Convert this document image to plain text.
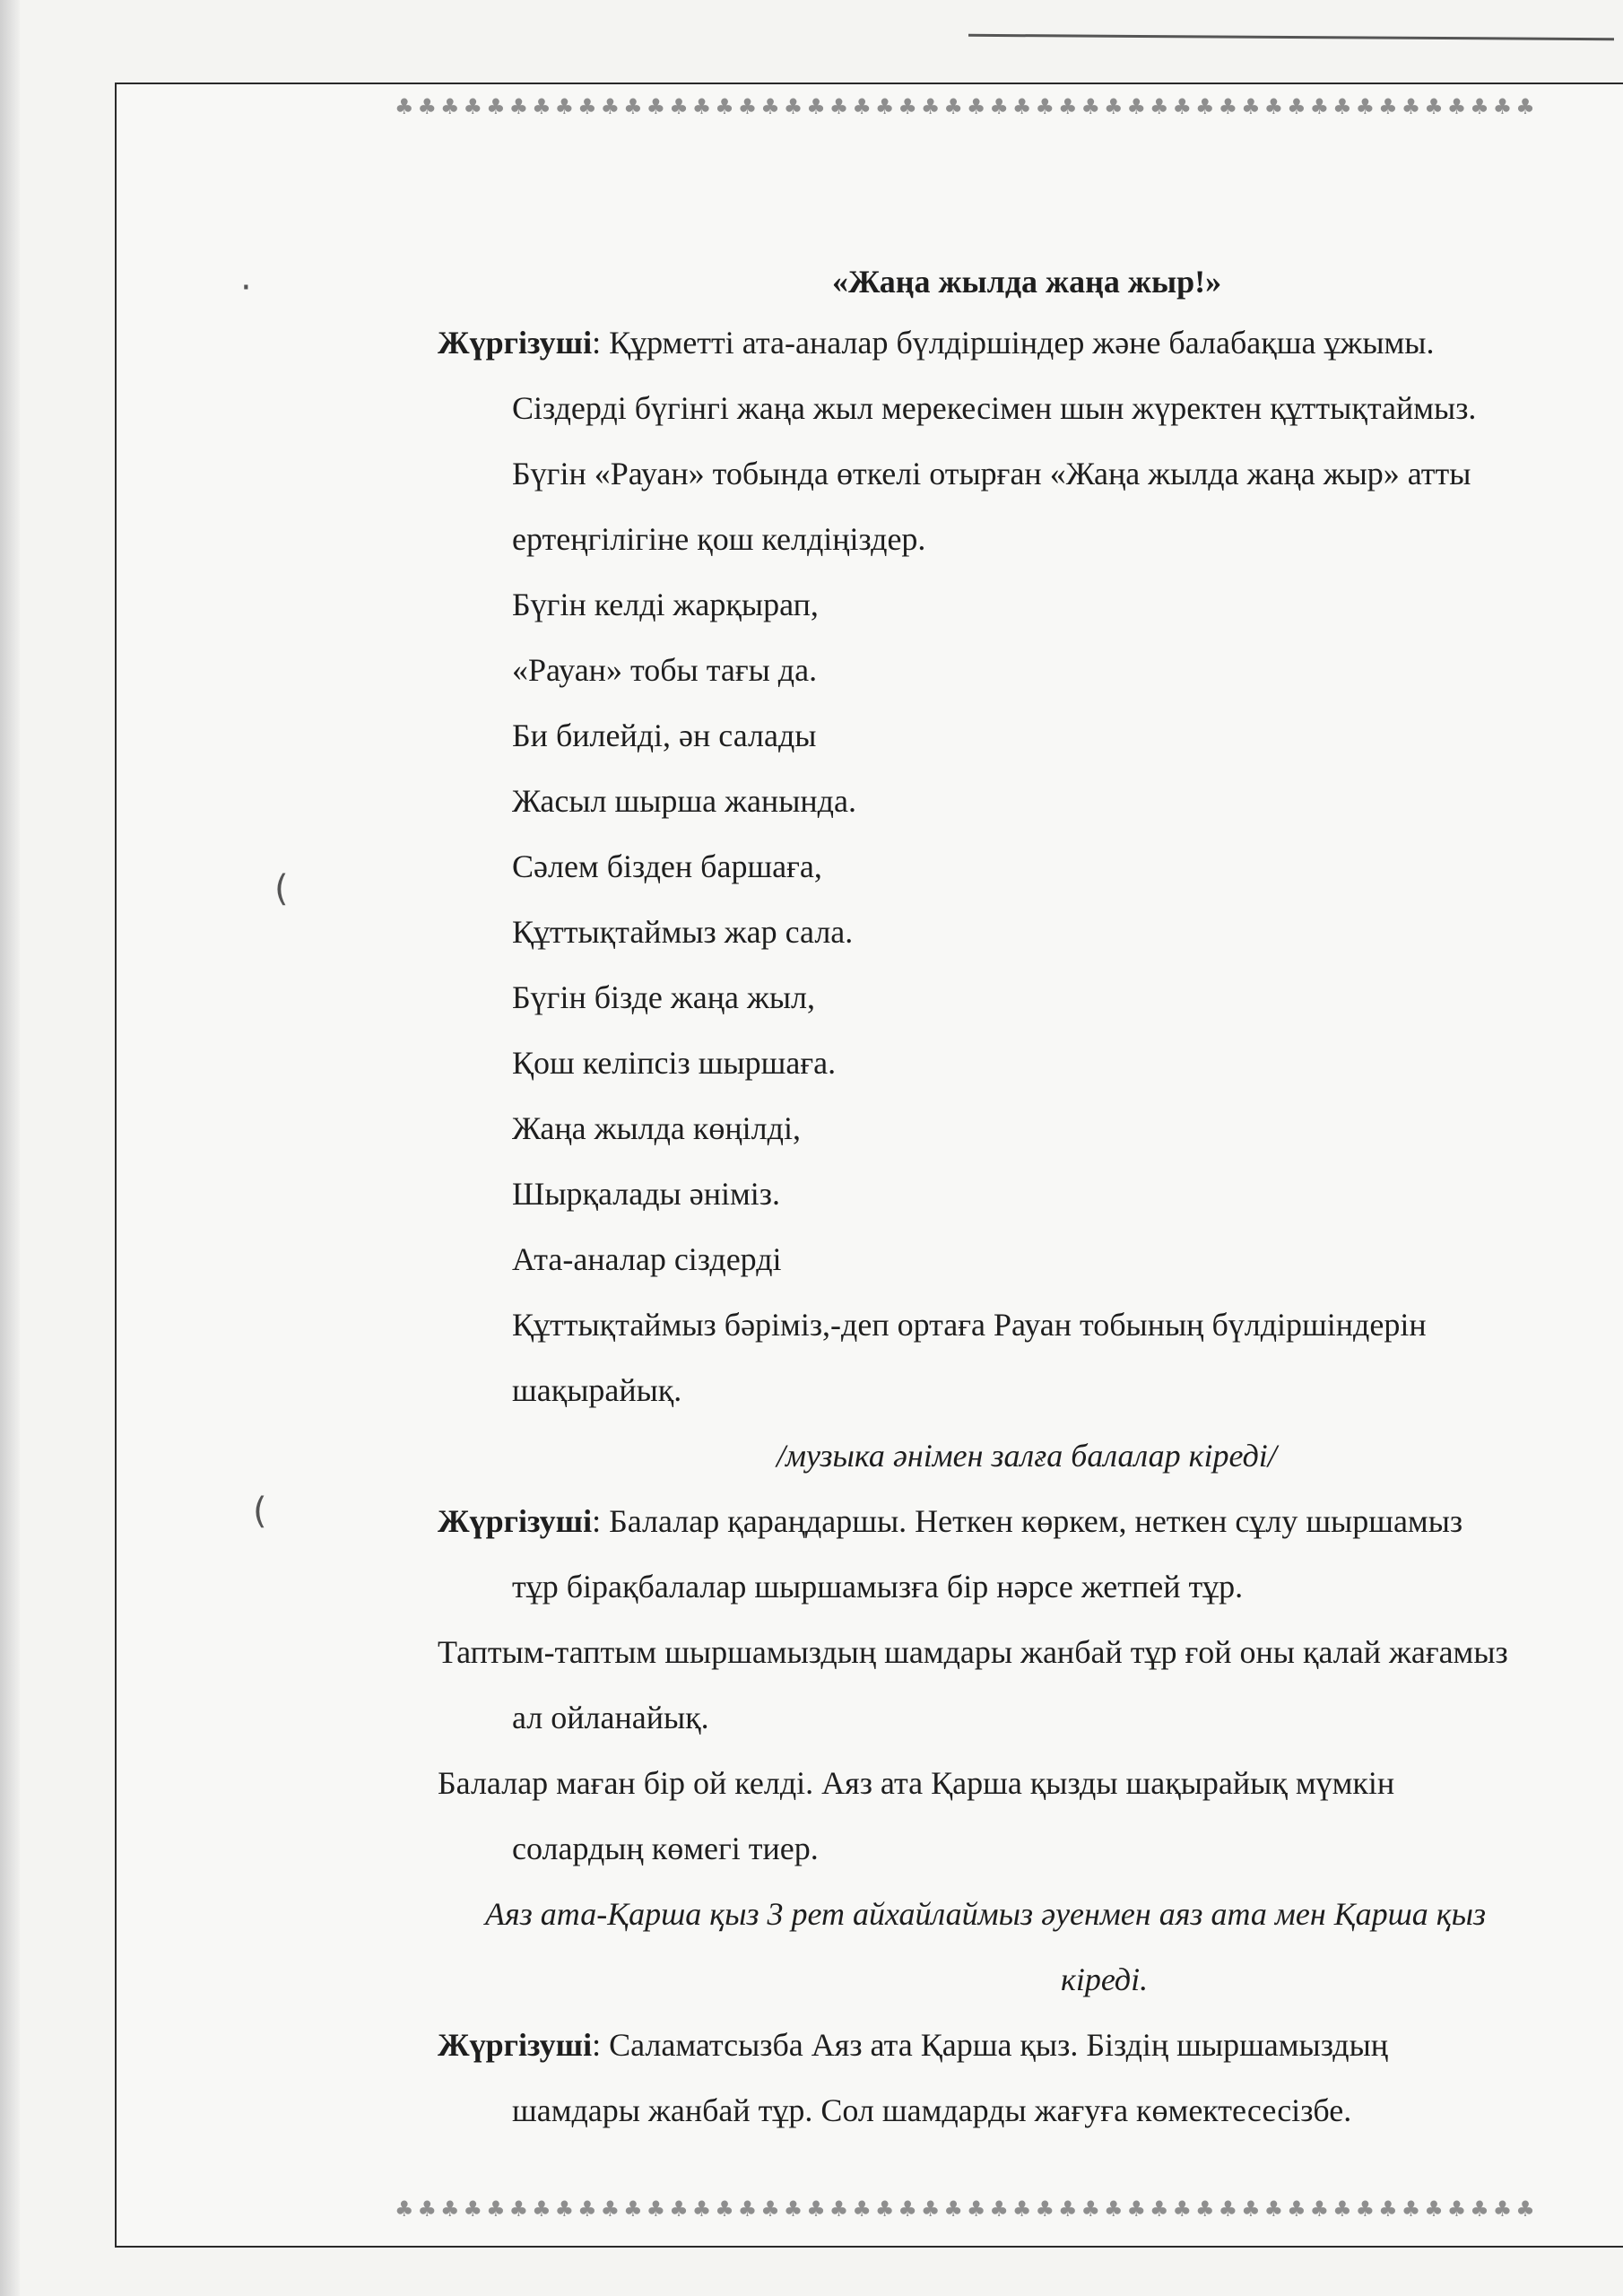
♣♣♣♣♣♣♣♣♣♣♣♣♣♣♣♣♣♣♣♣♣♣♣♣♣♣♣♣♣♣♣♣♣♣♣♣♣♣♣♣♣♣♣♣♣♣♣♣♣♣
♣♣♣♣♣♣♣♣♣♣♣♣♣♣♣♣♣♣♣♣♣♣♣♣♣♣♣♣♣♣♣♣♣♣♣♣♣♣♣♣♣♣♣♣♣♣♣♣♣♣
·
(
(
«Жаңа жылда жаңа жыр!»
Жүргізуші: Құрметті ата-аналар бүлдіршіндер және балабақша ұжымы.
Сіздерді бүгінгі жаңа жыл мерекесімен шын жүректен құттықтаймыз.
Бүгін «Рауан» тобында өткелі отырған «Жаңа жылда жаңа жыр» атты
ертеңгілігіне қош келдіңіздер.
Бүгін келді жарқырап,
«Рауан» тобы тағы да.
Би билейді, ән салады
Жасыл шырша жанында.
Сәлем бізден баршаға,
Құттықтаймыз жар сала.
Бүгін бізде жаңа жыл,
Қош келіпсіз шыршаға.
Жаңа жылда көңілді,
Шырқалады әніміз.
Ата-аналар сіздерді
Құттықтаймыз бәріміз,-деп ортаға Рауан тобының бүлдіршіндерін
шақырайық.
/музыка әнімен залға балалар кіреді/
Жүргізуші: Балалар қараңдаршы. Неткен көркем, неткен сұлу шыршамыз
тұр бірақбалалар шыршамызға бір нәрсе жетпей тұр.
Таптым-таптым шыршамыздың шамдары жанбай тұр ғой оны қалай жағамыз
ал ойланайық.
Балалар маған бір ой келді. Аяз ата Қарша қызды шақырайық мүмкін
солардың көмегі тиер.
Аяз ата-Қарша қыз 3 рет айхайлаймыз әуенмен аяз ата мен Қарша қыз
кіреді.
Жүргізуші: Саламатсызба Аяз ата Қарша қыз. Біздің шыршамыздың
шамдары жанбай тұр. Сол шамдарды жағуға көмектесесізбе.
